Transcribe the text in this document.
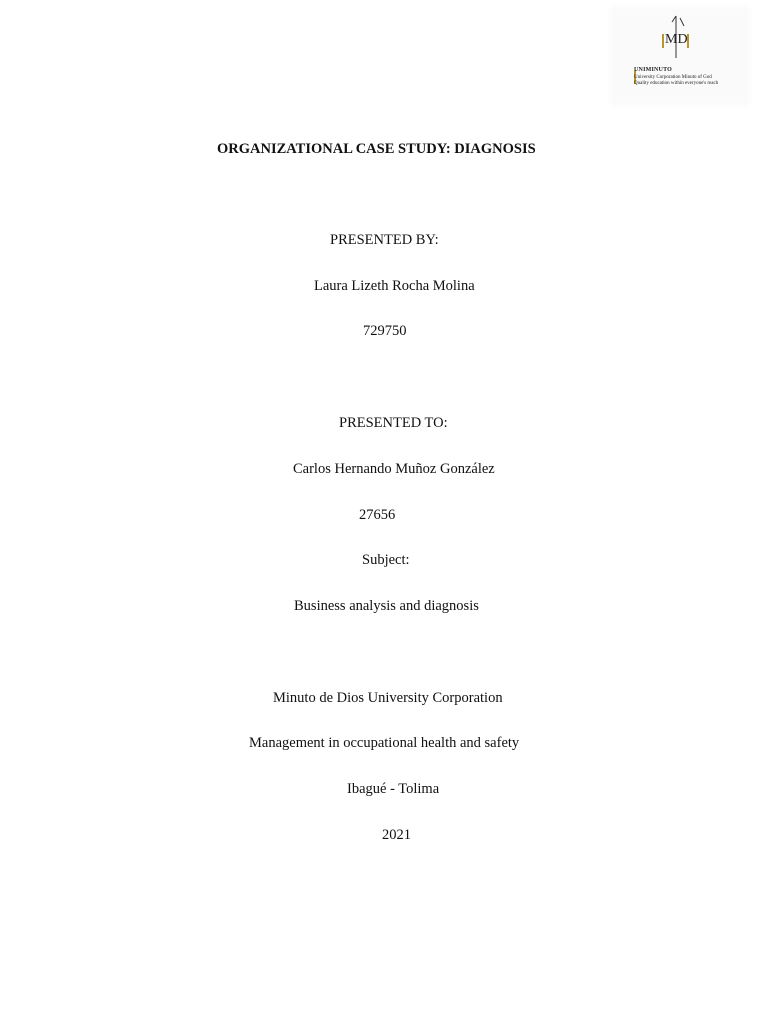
MD
UNIMINUTO
University Corporation Minuto of God
Quality education within everyone's reach
ORGANIZATIONAL CASE STUDY: DIAGNOSIS
PRESENTED BY:
Laura Lizeth Rocha Molina
729750
PRESENTED TO:
Carlos Hernando Muñoz González
27656
Subject:
Business analysis and diagnosis
Minuto de Dios University Corporation
Management in occupational health and safety
Ibagué - Tolima
2021
